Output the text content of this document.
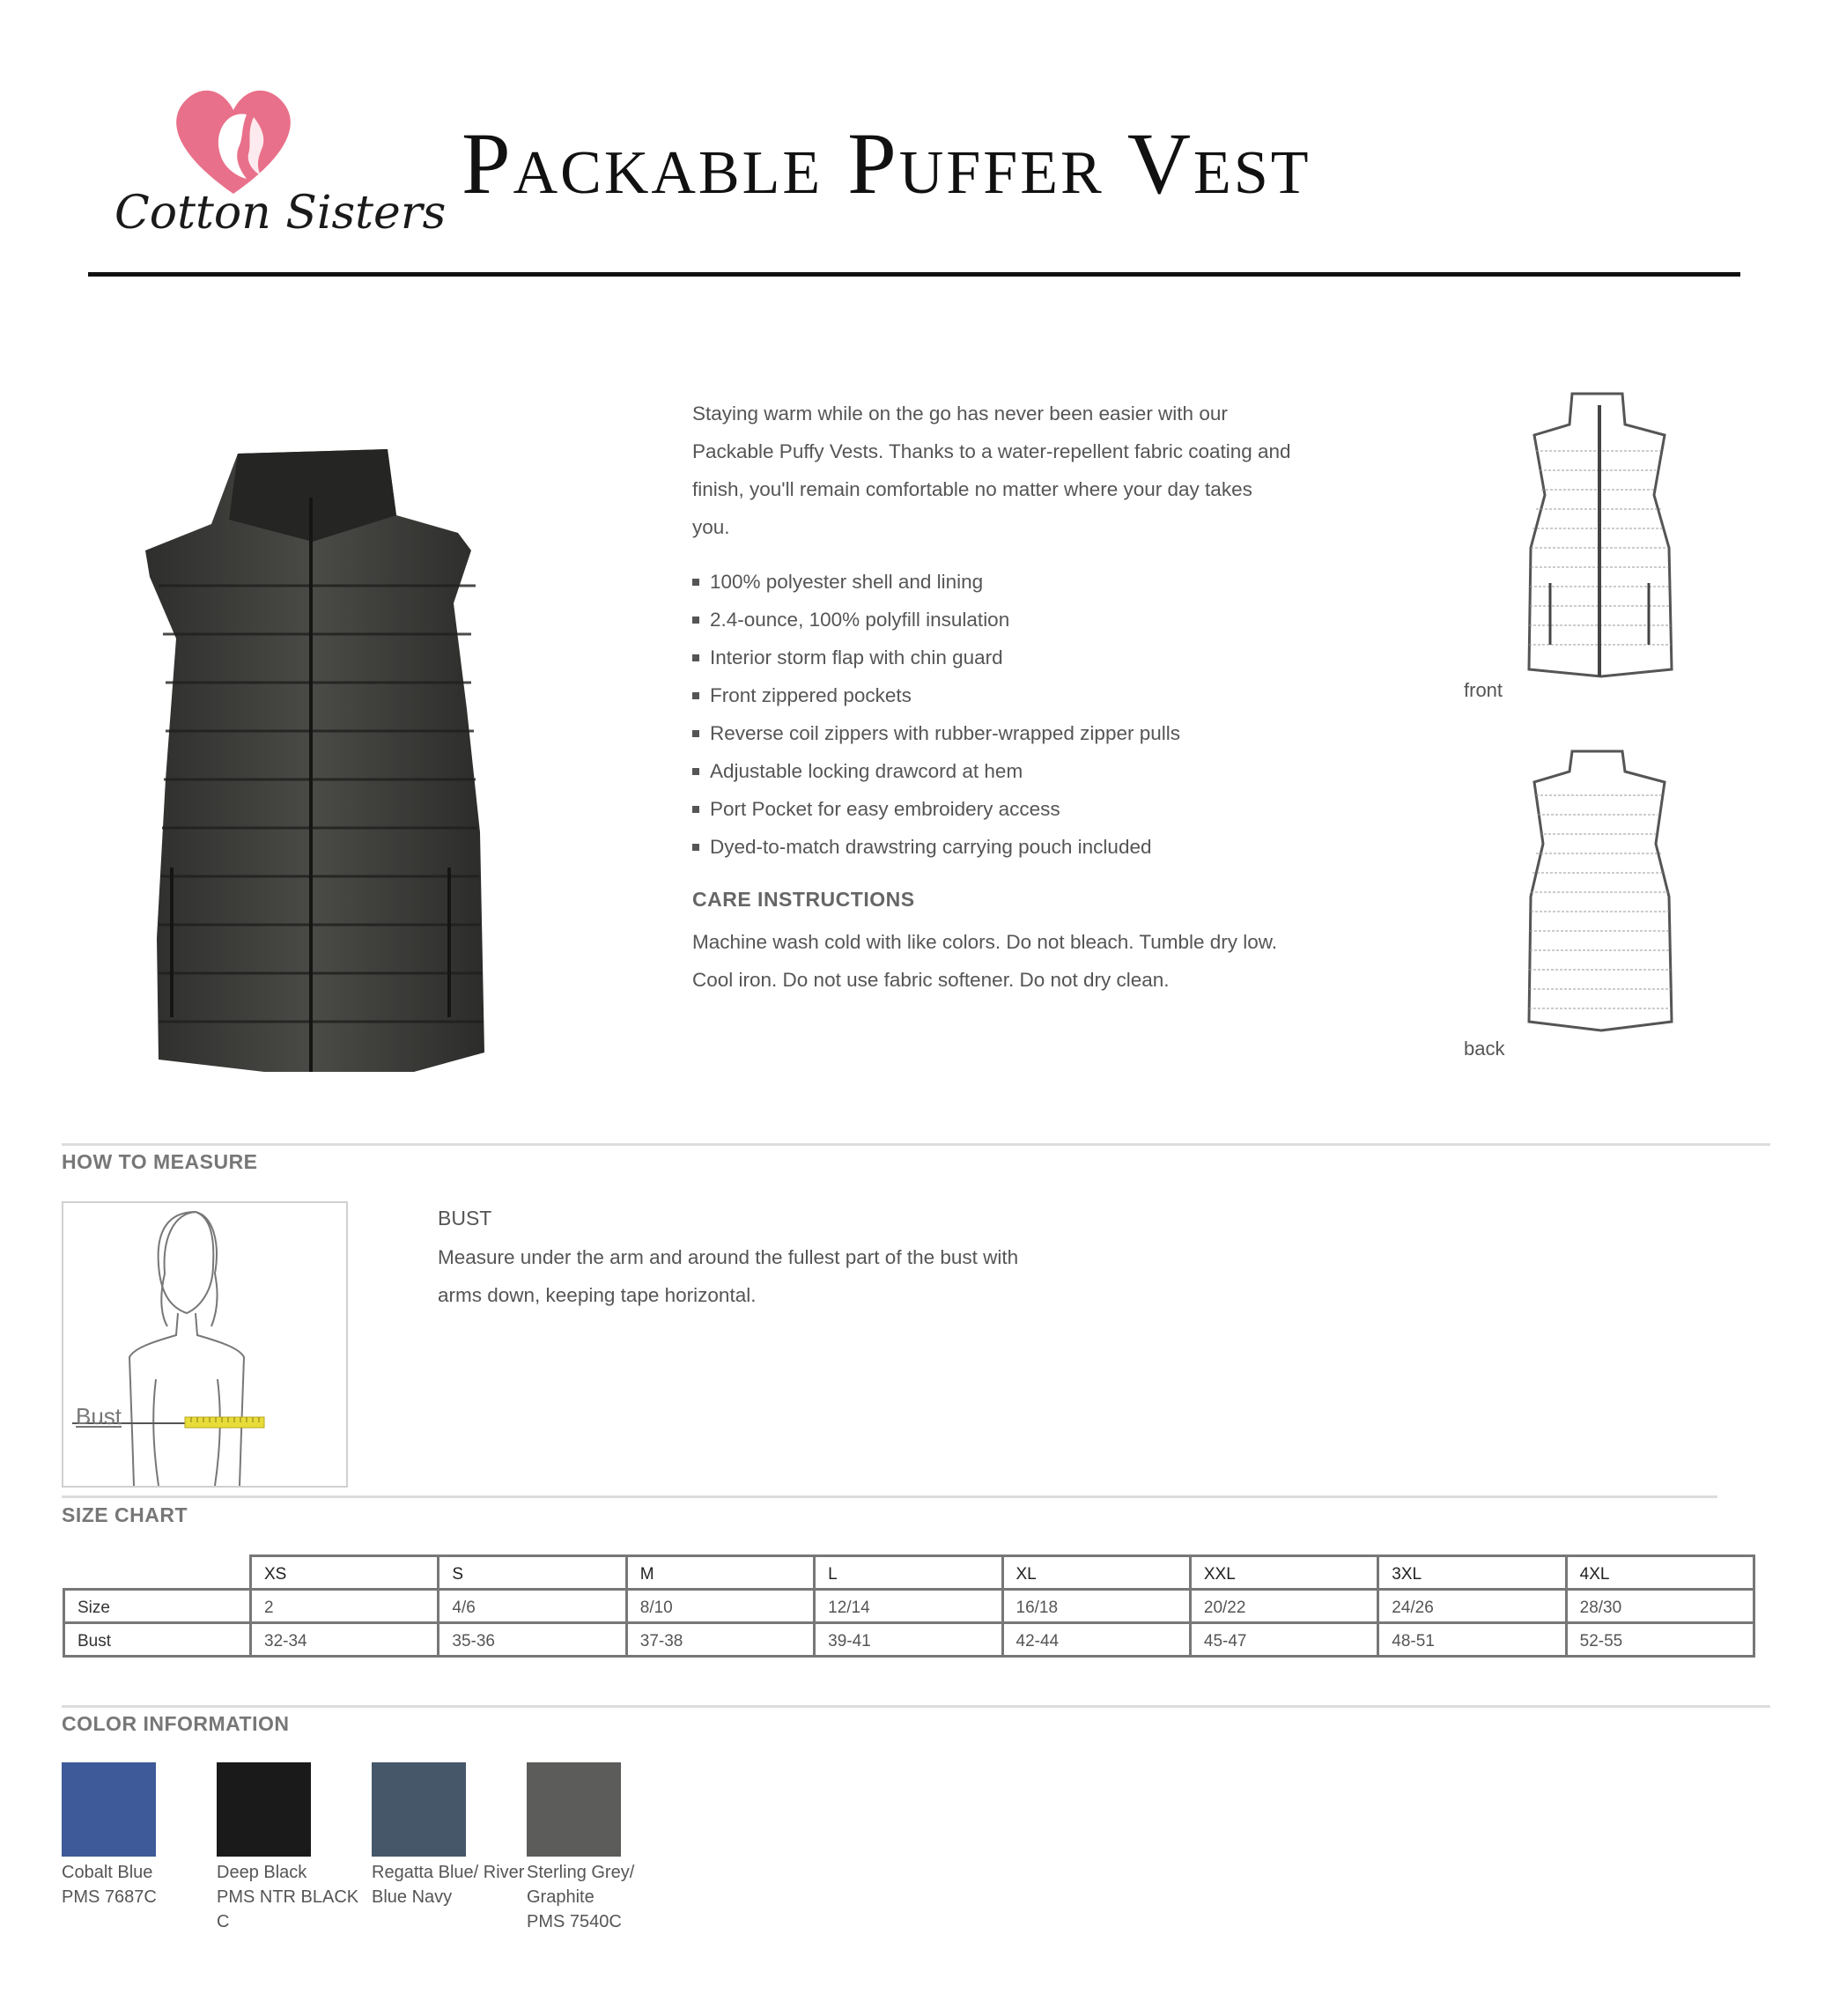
Cotton Sisters
Packable Puffer Vest
Staying warm while on the go has never been easier with our Packable Puffy Vests. Thanks to a water-repellent fabric coating and finish, you'll remain comfortable no matter where your day takes you.
100% polyester shell and lining
2.4-ounce, 100% polyfill insulation
Interior storm flap with chin guard
Front zippered pockets
Reverse coil zippers with rubber-wrapped zipper pulls
Adjustable locking drawcord at hem
Port Pocket for easy embroidery access
Dyed-to-match drawstring carrying pouch included
CARE INSTRUCTIONS
Machine wash cold with like colors. Do not bleach. Tumble dry low. Cool iron. Do not use fabric softener. Do not dry clean.
front
back
HOW TO MEASURE
Bust
BUST
Measure under the arm and around the fullest part of the bust with arms down, keeping tape horizontal.
SIZE CHART
	XS	S	M	L	XL	XXL	3XL	4XL
Size	2	4/6	8/10	12/14	16/18	20/22	24/26	28/30
Bust	32-34	35-36	37-38	39-41	42-44	45-47	48-51	52-55
COLOR INFORMATION
Cobalt Blue
PMS 7687C
Deep Black
PMS NTR BLACK C
Regatta Blue/ River Blue Navy
Sterling Grey/ Graphite
PMS 7540C
